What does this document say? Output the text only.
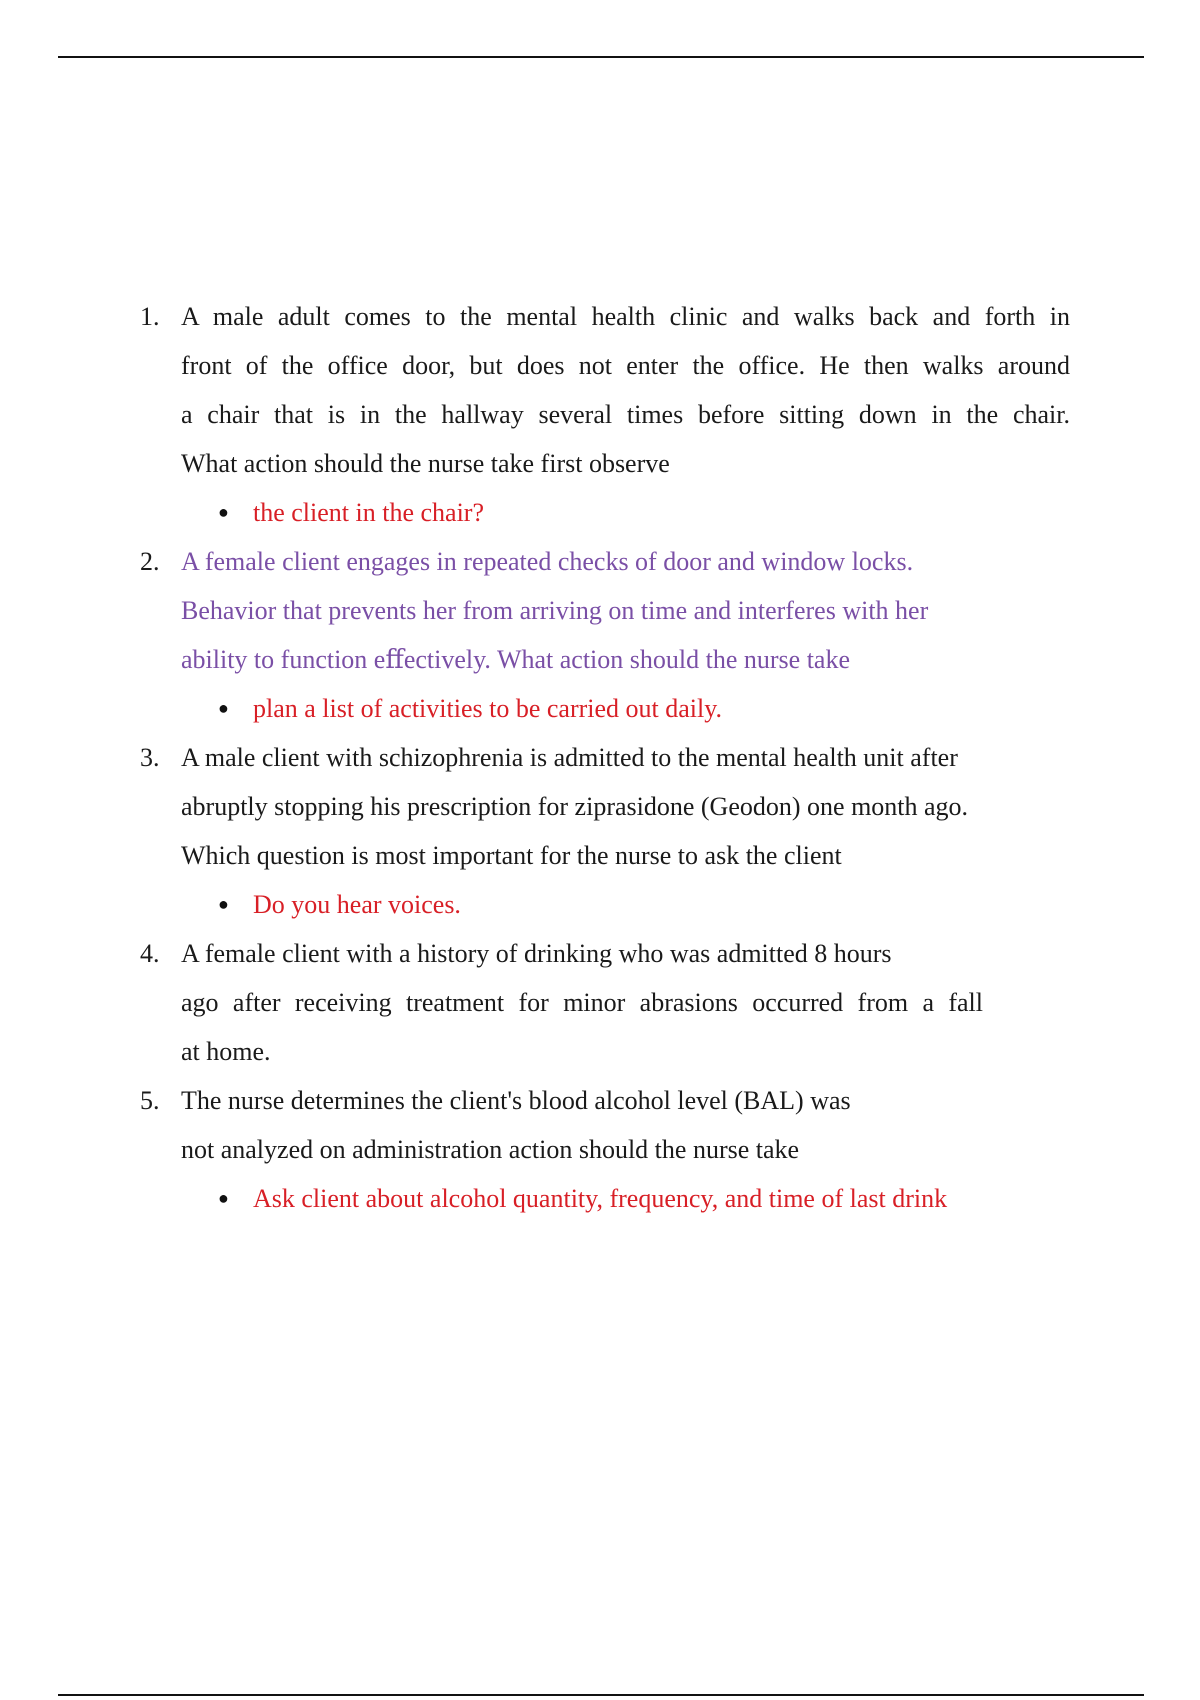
1. A male adult comes to the mental health clinic and walks back and forth in
front of the office door, but does not enter the office. He then walks around
a chair that is in the hallway several times before sitting down in the chair.
What action should the nurse take first observe
● the client in the chair?
2. A female client engages in repeated checks of door and window locks.
Behavior that prevents her from arriving on time and interferes with her
ability to function eﬀectively. What action should the nurse take
● plan a list of activities to be carried out daily.
3. A male client with schizophrenia is admitted to the mental health unit after
abruptly stopping his prescription for ziprasidone (Geodon) one month ago.
Which question is most important for the nurse to ask the client
● Do you hear voices.
4. A female client with a history of drinking who was admitted 8 hours
ago after receiving treatment for minor abrasions occurred from a fall
at home.
5. The nurse determines the client's blood alcohol level (BAL) was
not analyzed on administration action should the nurse take
● Ask client about alcohol quantity, frequency, and time of last drink
